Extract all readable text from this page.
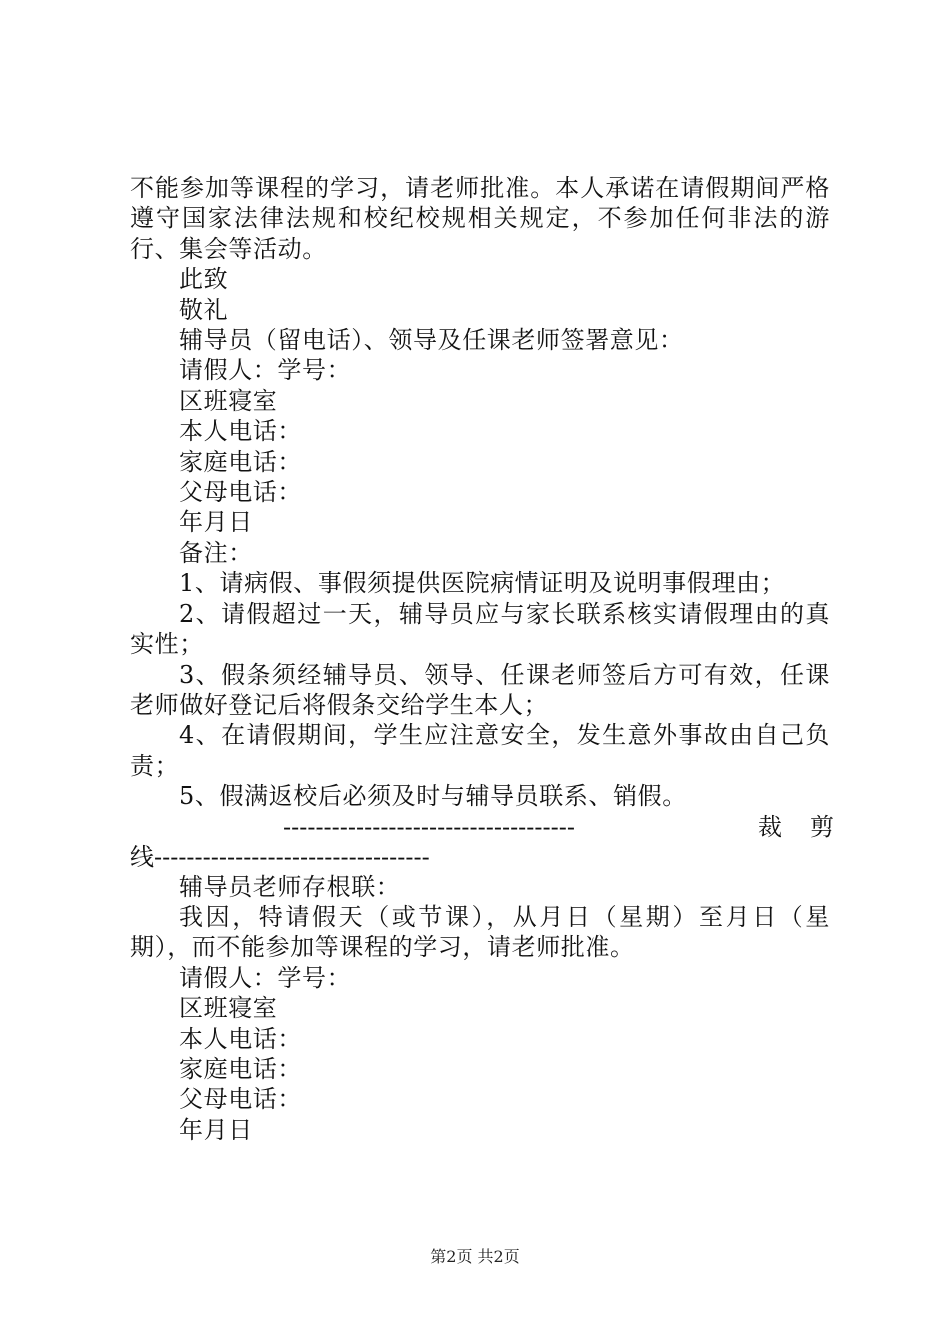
不能参加等课程的学习，请老师批准。本人承诺在请假期间严格遵守国家法律法规和校纪校规相关规定，不参加任何非法的游行、集会等活动。

此致

敬礼

辅导员（留电话）、领导及任课老师签署意见：

请假人：学号：

区班寝室

本人电话：

家庭电话：

父母电话：

年月日

备注：

1、请病假、事假须提供医院病情证明及说明事假理由；

2、请假超过一天，辅导员应与家长联系核实请假理由的真实性；

3、假条须经辅导员、领导、任课老师签后方可有效，任课老师做好登记后将假条交给学生本人；

4、在请假期间，学生应注意安全，发生意外事故由自己负责；

5、假满返校后必须及时与辅导员联系、销假。

------------------------------------	裁 剪
线----------------------------------

辅导员老师存根联：

我因，特请假天（或节课），从月日（星期）至月日（星期），而不能参加等课程的学习，请老师批准。

请假人：学号：

区班寝室

本人电话：

家庭电话：

父母电话：

年月日

第2页 共2页
